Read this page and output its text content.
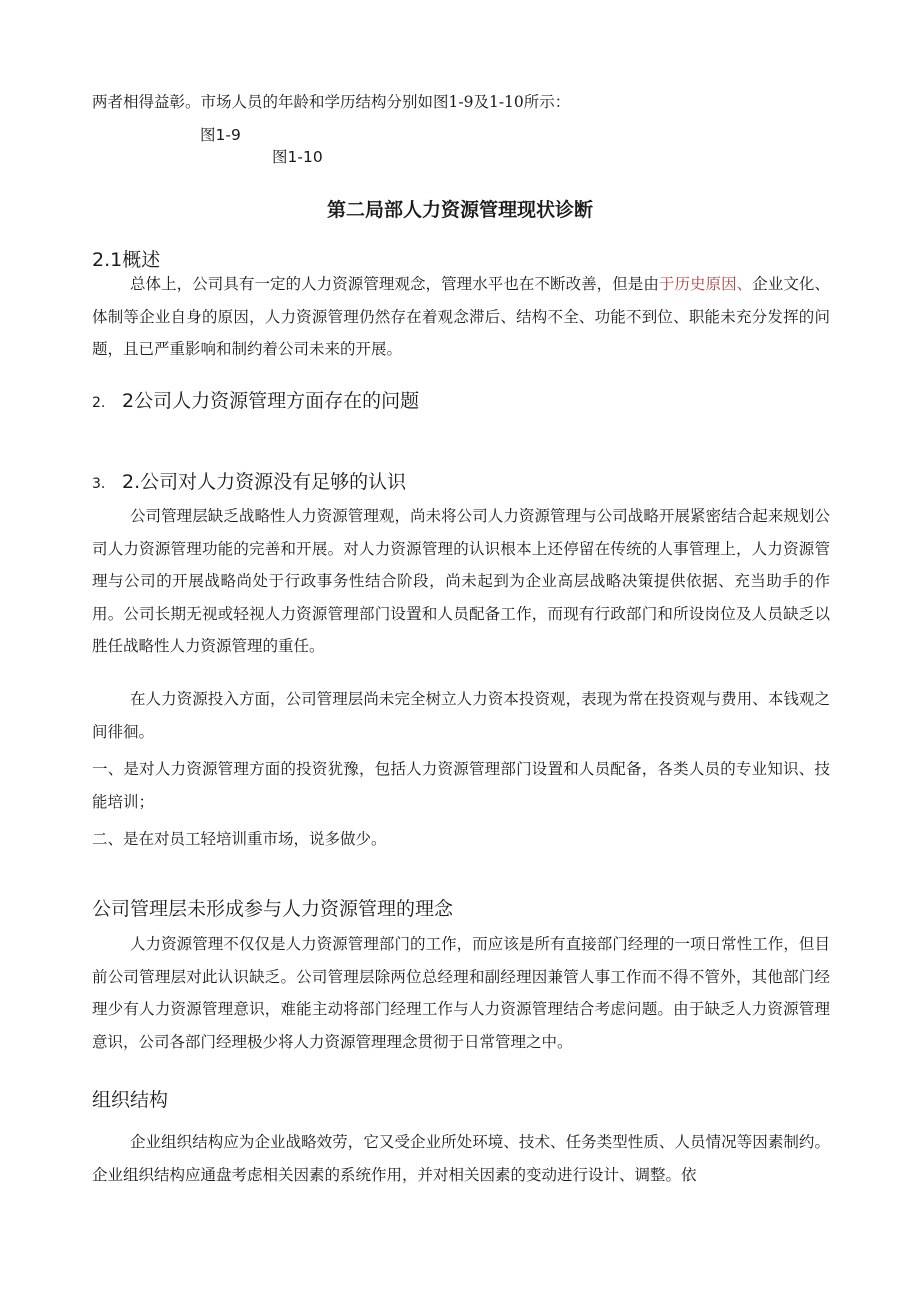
两者相得益彰。市场人员的年龄和学历结构分别如图1-9及1-10所示：
图1-9
图1-10
第二局部人力资源管理现状诊断
2.1概述
总体上，公司具有一定的人力资源管理观念，管理水平也在不断改善，但是由于历史原因、企业文化、体制等企业自身的原因，人力资源管理仍然存在着观念滞后、结构不全、功能不到位、职能未充分发挥的问题，且已严重影响和制约着公司未来的开展。
2. 2公司人力资源管理方面存在的问题
3. 2.公司对人力资源没有足够的认识
公司管理层缺乏战略性人力资源管理观，尚未将公司人力资源管理与公司战略开展紧密结合起来规划公司人力资源管理功能的完善和开展。对人力资源管理的认识根本上还停留在传统的人事管理上，人力资源管理与公司的开展战略尚处于行政事务性结合阶段，尚未起到为企业高层战略决策提供依据、充当助手的作用。公司长期无视或轻视人力资源管理部门设置和人员配备工作，而现有行政部门和所设岗位及人员缺乏以胜任战略性人力资源管理的重任。
在人力资源投入方面，公司管理层尚未完全树立人力资本投资观，表现为常在投资观与费用、本钱观之间徘徊。
一、是对人力资源管理方面的投资犹豫，包括人力资源管理部门设置和人员配备，各类人员的专业知识、技能培训；
二、是在对员工轻培训重市场，说多做少。
公司管理层未形成参与人力资源管理的理念
人力资源管理不仅仅是人力资源管理部门的工作，而应该是所有直接部门经理的一项日常性工作，但目前公司管理层对此认识缺乏。公司管理层除两位总经理和副经理因兼管人事工作而不得不管外，其他部门经理少有人力资源管理意识，难能主动将部门经理工作与人力资源管理结合考虑问题。由于缺乏人力资源管理意识，公司各部门经理极少将人力资源管理理念贯彻于日常管理之中。
组织结构
企业组织结构应为企业战略效劳，它又受企业所处环境、技术、任务类型性质、人员情况等因素制约。企业组织结构应通盘考虑相关因素的系统作用，并对相关因素的变动进行设计、调整。依
